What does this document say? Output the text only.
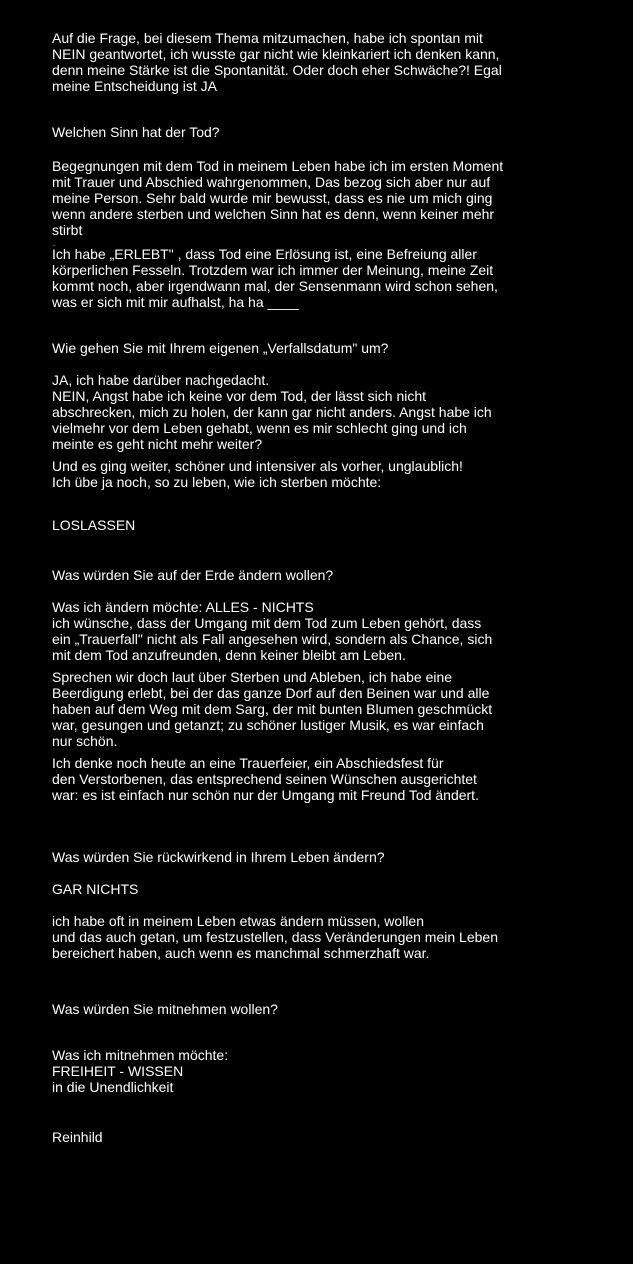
Auf die Frage, bei diesem Thema mitzumachen, habe ich spontan mit
NEIN geantwortet, ich wusste gar nicht wie kleinkariert ich denken kann,
denn meine Stärke ist die Spontanität. Oder doch eher Schwäche?! Egal
meine Entscheidung ist JA
Welchen Sinn hat der Tod?
Begegnungen mit dem Tod in meinem Leben habe ich im ersten Moment
mit Trauer und Abschied wahrgenommen, Das bezog sich aber nur auf
meine Person. Sehr bald wurde mir bewusst, dass es nie um mich ging
wenn andere sterben und welchen Sinn hat es denn, wenn keiner mehr
stirbt
.
Ich habe „ERLEBT" , dass Tod eine Erlösung ist, eine Befreiung aller
körperlichen Fesseln. Trotzdem war ich immer der Meinung, meine Zeit
kommt noch, aber irgendwann mal, der Sensenmann wird schon sehen,
was er sich mit mir aufhalst, ha ha ____
Wie gehen Sie mit Ihrem eigenen „Verfallsdatum" um?
JA, ich habe darüber nachgedacht.
NEIN, Angst habe ich keine vor dem Tod, der lässt sich nicht
abschrecken, mich zu holen, der kann gar nicht anders. Angst habe ich
vielmehr vor dem Leben gehabt, wenn es mir schlecht ging und ich
meinte es geht nicht mehr weiter?
Und es ging weiter, schöner und intensiver als vorher, unglaublich!
Ich übe ja noch, so zu leben, wie ich sterben möchte:
LOSLASSEN
Was würden Sie auf der Erde ändern wollen?
Was ich ändern möchte: ALLES - NICHTS
ich wünsche, dass der Umgang mit dem Tod zum Leben gehört, dass
ein „Trauerfall" nicht als Fall angesehen wird, sondern als Chance, sich
mit dem Tod anzufreunden, denn keiner bleibt am Leben.
Sprechen wir doch laut über Sterben und Ableben, ich habe eine
Beerdigung erlebt, bei der das ganze Dorf auf den Beinen war und alle
haben auf dem Weg mit dem Sarg, der mit bunten Blumen geschmückt
war, gesungen und getanzt; zu schöner lustiger Musik, es war einfach
nur schön.
Ich denke noch heute an eine Trauerfeier, ein Abschiedsfest für
den Verstorbenen, das entsprechend seinen Wünschen ausgerichtet
war: es ist einfach nur schön nur der Umgang mit Freund Tod ändert.
Was würden Sie rückwirkend in Ihrem Leben ändern?
GAR NICHTS
ich habe oft in meinem Leben etwas ändern müssen, wollen
und das auch getan, um festzustellen, dass Veränderungen mein Leben
bereichert haben, auch wenn es manchmal schmerzhaft war.
Was würden Sie mitnehmen wollen?
Was ich mitnehmen möchte:
FREIHEIT - WISSEN
in die Unendlichkeit
Reinhild
